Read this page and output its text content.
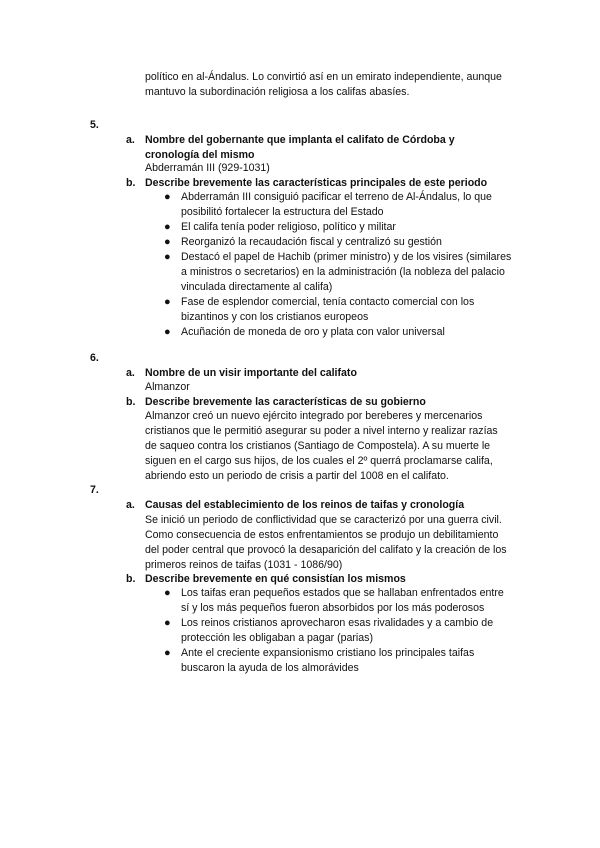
político en al-Ándalus. Lo convirtió así en un emirato independiente, aunque

mantuvo la subordinación religiosa a los califas abasíes.

5.
a. Nombre del gobernante que implanta el califato de Córdoba y

cronología del mismo

Abderramán III (929-1031)

b. Describe brevemente las características principales de este periodo

● Abderramán III consiguió pacificar el terreno de Al-Ándalus, lo que

posibilitó fortalecer la estructura del Estado

● El califa tenía poder religioso, político y militar

● Reorganizó la recaudación fiscal y centralizó su gestión

● Destacó el papel de Hachib (primer ministro) y de los visires (similares

a ministros o secretarios) en la administración (la nobleza del palacio

vinculada directamente al califa)

● Fase de esplendor comercial, tenía contacto comercial con los

bizantinos y con los cristianos europeos

● Acuñación de moneda de oro y plata con valor universal

6.
a. Nombre de un visir importante del califato

Almanzor

b. Describe brevemente las características de su gobierno

Almanzor creó un nuevo ejército integrado por bereberes y mercenarios

cristianos que le permitió asegurar su poder a nivel interno y realizar razías

de saqueo contra los cristianos (Santiago de Compostela). A su muerte le

siguen en el cargo sus hijos, de los cuales el 2º querrá proclamarse califa,

abriendo esto un periodo de crisis a partir del 1008 en el califato.

7.
a. Causas del establecimiento de los reinos de taifas y cronología

Se inició un periodo de conflictividad que se caracterizó por una guerra civil.

Como consecuencia de estos enfrentamientos se produjo un debilitamiento

del poder central que provocó la desaparición del califato y la creación de los

primeros reinos de taifas (1031 - 1086/90)

b. Describe brevemente en qué consistían los mismos

● Los taifas eran pequeños estados que se hallaban enfrentados entre

sí y los más pequeños fueron absorbidos por los más poderosos

● Los reinos cristianos aprovecharon esas rivalidades y a cambio de

protección les obligaban a pagar (parias)

● Ante el creciente expansionismo cristiano los principales taifas

buscaron la ayuda de los almorávides
